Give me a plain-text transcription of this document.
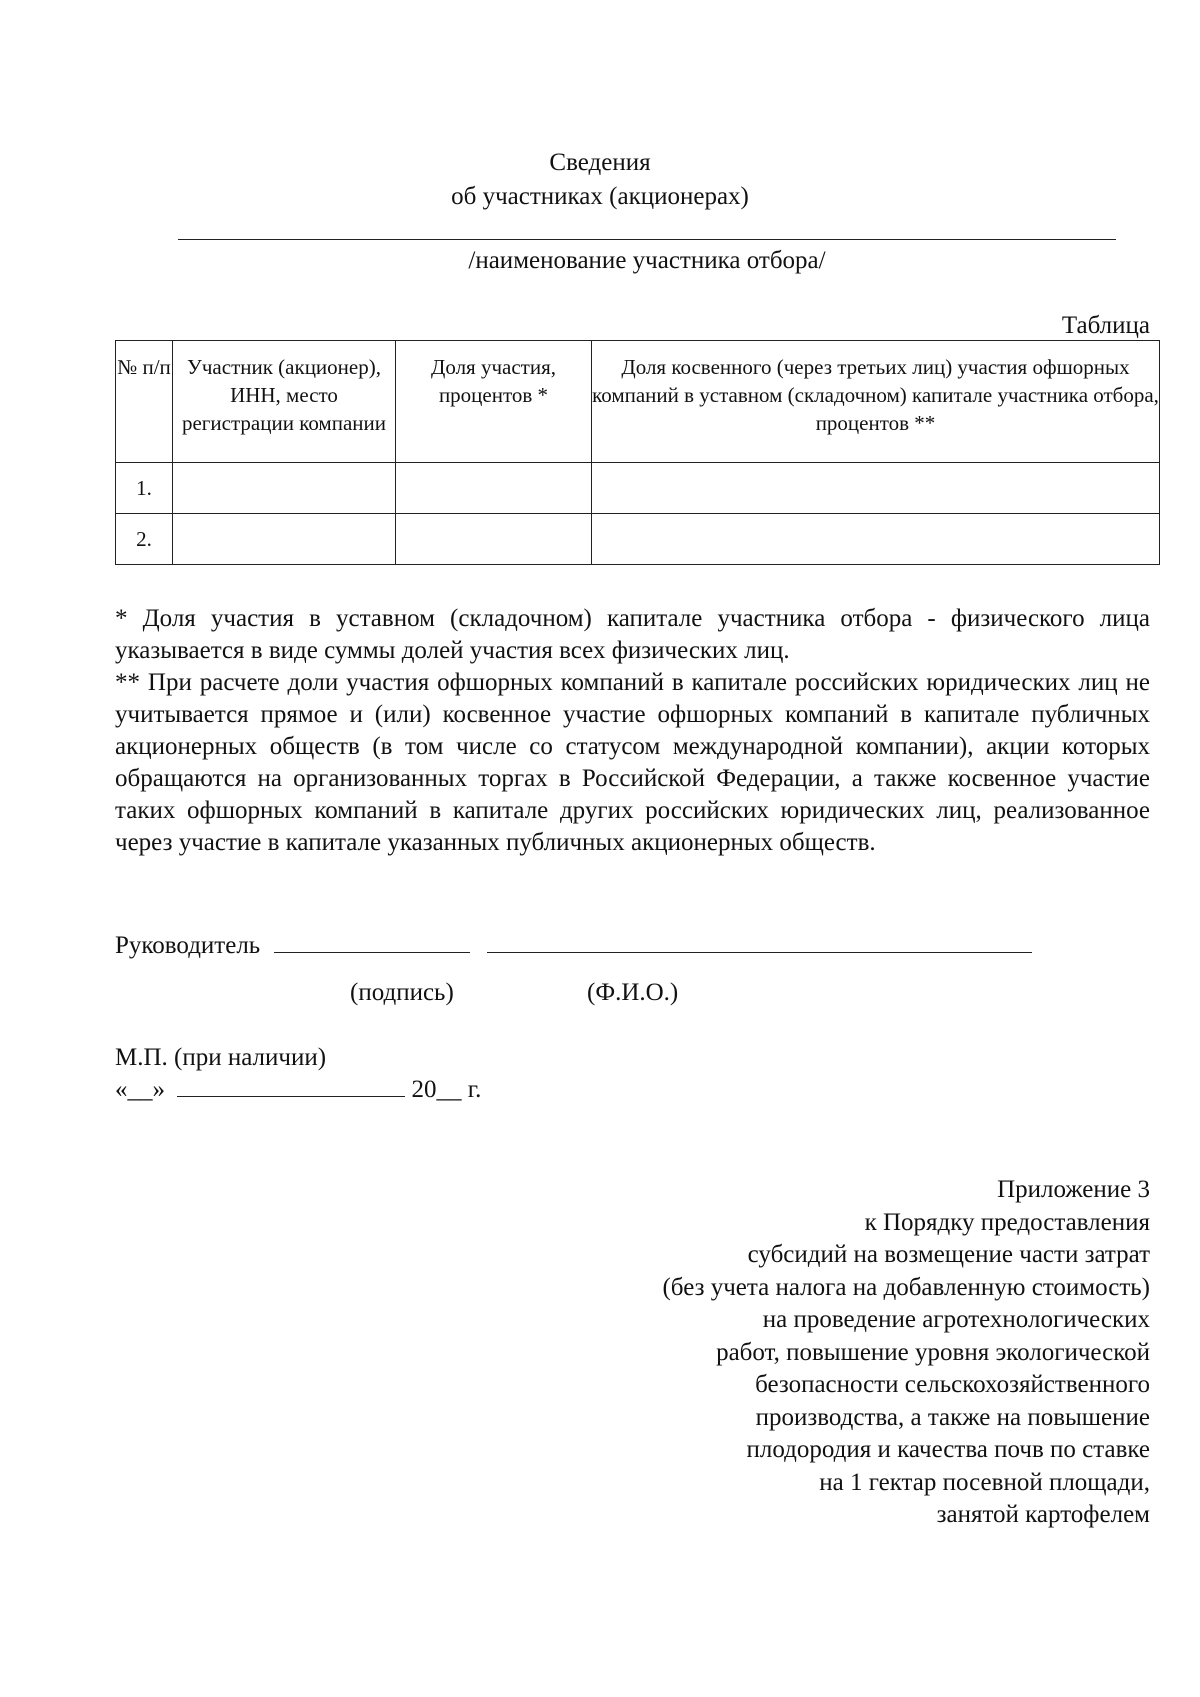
Сведения
об участниках (акционерах)
/наименование участника отбора/
Таблица
№ п/п	Участник (акционер), ИНН, место регистрации компании	Доля участия, процентов *	Доля косвенного (через третьих лиц) участия офшорных компаний в уставном (складочном) капитале участника отбора, процентов **
1.			
2.			

* Доля участия в уставном (складочном) капитале участника отбора - физического лица указывается в виде суммы долей участия всех физических лиц.

** При расчете доли участия офшорных компаний в капитале российских юридических лиц не учитывается прямое и (или) косвенное участие офшорных компаний в капитале публичных акционерных обществ (в том числе со статусом международной компании), акции которых обращаются на организованных торгах в Российской Федерации, а также косвенное участие таких офшорных компаний в капитале других российских юридических лиц, реализованное через участие в капитале указанных публичных акционерных обществ.

Руководитель
(подпись)	(Ф.И.О.)
М.П. (при наличии)
«__»	20__ г.
Приложение 3
к Порядку предоставления
субсидий на возмещение части затрат
(без учета налога на добавленную стоимость)
на проведение агротехнологических
работ, повышение уровня экологической
безопасности сельскохозяйственного
производства, а также на повышение
плодородия и качества почв по ставке
на 1 гектар посевной площади,
занятой картофелем
